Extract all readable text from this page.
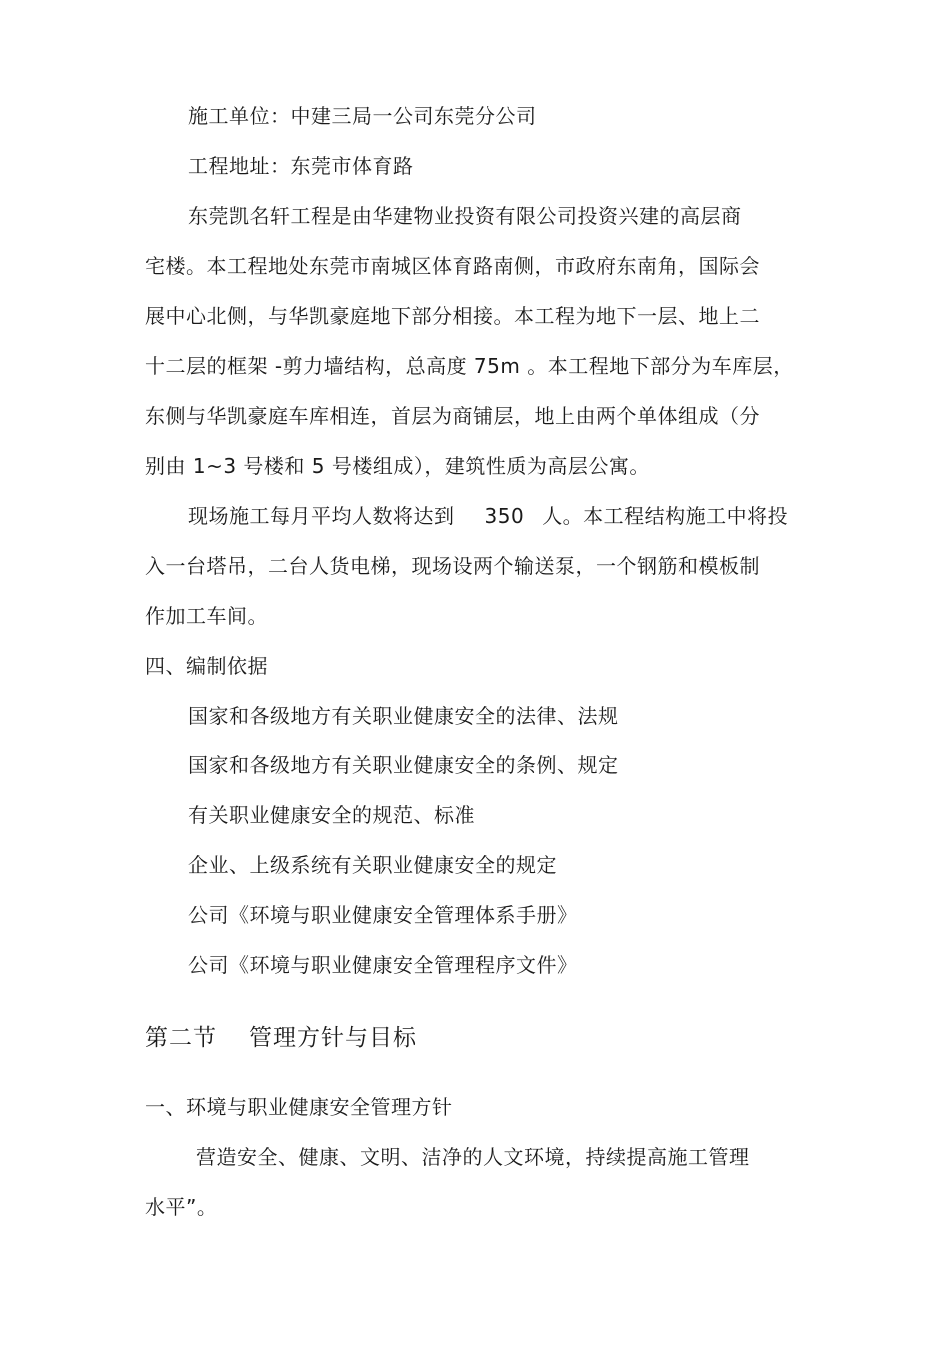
施工单位：中建三局一公司东莞分公司
工程地址：东莞市体育路
东莞凯名轩工程是由华建物业投资有限公司投资兴建的高层商
宅楼。本工程地处东莞市南城区体育路南侧，市政府东南角，国际会
展中心北侧，与华凯豪庭地下部分相接。本工程为地下一层、地上二
十二层的框架 -剪力墙结构，总高度 75m 。本工程地下部分为车库层，
东侧与华凯豪庭车库相连，首层为商铺层，地上由两个单体组成（分
别由 1~3 号楼和 5 号楼组成），建筑性质为高层公寓。
现场施工每月平均人数将达到 350 人。本工程结构施工中将投
入一台塔吊，二台人货电梯，现场设两个输送泵，一个钢筋和模板制
作加工车间。
四、编制依据
国家和各级地方有关职业健康安全的法律、法规
国家和各级地方有关职业健康安全的条例、规定
有关职业健康安全的规范、标准
企业、上级系统有关职业健康安全的规定
公司《环境与职业健康安全管理体系手册》
公司《环境与职业健康安全管理程序文件》
第二节 管理方针与目标
一、环境与职业健康安全管理方针
营造安全、健康、文明、洁净的人文环境，持续提高施工管理
水平”。
